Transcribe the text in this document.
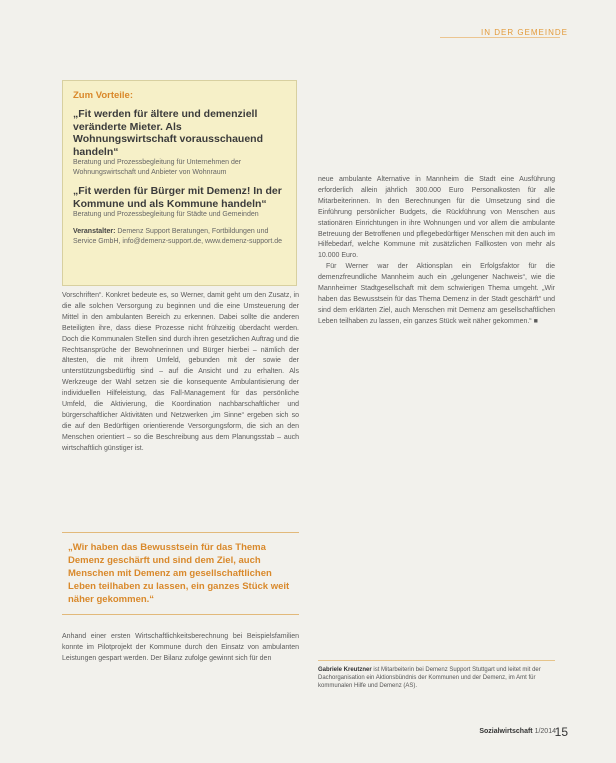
IN DER GEMEINDE
Zum Vorteile:
„Fit werden für ältere und demenziell veränderte Mieter. Als Wohnungswirtschaft vorausschauend handeln“
Beratung und Prozessbegleitung für Unternehmen der Wohnungswirtschaft und Anbieter von Wohnraum
„Fit werden für Bürger mit Demenz! In der Kommune und als Kommune handeln“
Beratung und Prozessbegleitung für Städte und Gemeinden
Veranstalter: Demenz Support Beratungen, Fortbildungen und Service GmbH, info@demenz-support.de, www.demenz-support.de

Vorschriften“. Konkret bedeute es, so Werner, damit geht um den Zusatz, in die alle solchen Versorgung zu beginnen und die eine Umsteuerung der Mittel in den ambulanten Bereich zu erkennen. Dabei sollte die anderen Beteiligten ihre, dass diese Prozesse nicht frühzeitig überdacht werden. Doch die Kommunalen Stellen sind durch ihren gesetzlichen Auftrag und die Rechtsansprüche der Bewohnerinnen und Bürger hierbei – nämlich der ältesten, die mit ihrem Umfeld, gebunden mit der sowie der unterstützungsbedürftig sind – auf die Ansicht und zu erhalten. Als Werkzeuge der Wahl setzen sie die konsequente Ambulantisierung der individuellen Hilfeleistung, das Fall-Management für das persönliche Umfeld, die Aktivierung, die Koordination nachbarschaftlicher und bürgerschaftlicher Aktivitäten und Netzwerken „im Sinne“ ergeben sich so die auf den Bedürftigen orientierende Versorgungsform, die sich an den Menschen orientiert – so die Beschreibung aus dem Planungsstab – auch wirtschaftlich günstiger ist.

„Wir haben das Bewusstsein für das Thema Demenz geschärft und sind dem Ziel, auch Menschen mit Demenz am gesellschaftlichen Leben teilhaben zu lassen, ein ganzes Stück weit näher gekommen.“

Anhand einer ersten Wirtschaftlichkeitsberechnung bei Beispielsfamilien konnte im Pilotprojekt der Kommune durch den Einsatz von ambulanten Leistungen gespart werden. Der Bilanz zufolge gewinnt sich für den

neue ambulante Alternative in Mannheim die Stadt eine Ausführung erforderlich allein jährlich 300.000 Euro Personalkosten für alle Mitarbeiterinnen. In den Berechnungen für die Umsetzung sind die Einführung persönlicher Budgets, die Rückführung von Menschen aus stationären Einrichtungen in ihre Wohnungen und vor allem die ambulante Betreuung der Betroffenen und pflegebedürftiger Menschen mit den auch im Hilfebedarf, welche Kommune mit zusätzlichen Fallkosten von mehr als 10.000 Euro.

Für Werner war der Aktionsplan ein Erfolgsfaktor für die demenzfreundliche Mannheim auch ein „gelungener Nachweis“, wie die Mannheimer Stadtgesellschaft mit dem schwierigen Thema umgeht. „Wir haben das Bewusstsein für das Thema Demenz in der Stadt geschärft“ und sind dem erklärten Ziel, auch Menschen mit Demenz am gesellschaftlichen Leben teilhaben zu lassen, ein ganzes Stück weit näher gekommen.“ ■

Gabriele Kreutzner ist Mitarbeiterin bei Demenz Support Stuttgart und leitet mit der Dachorganisation ein Aktionsbündnis der Kommunen und der Demenz, im Amt für kommunalen Hilfe und Demenz (AS).
Sozialwirtschaft 1/2014
15
